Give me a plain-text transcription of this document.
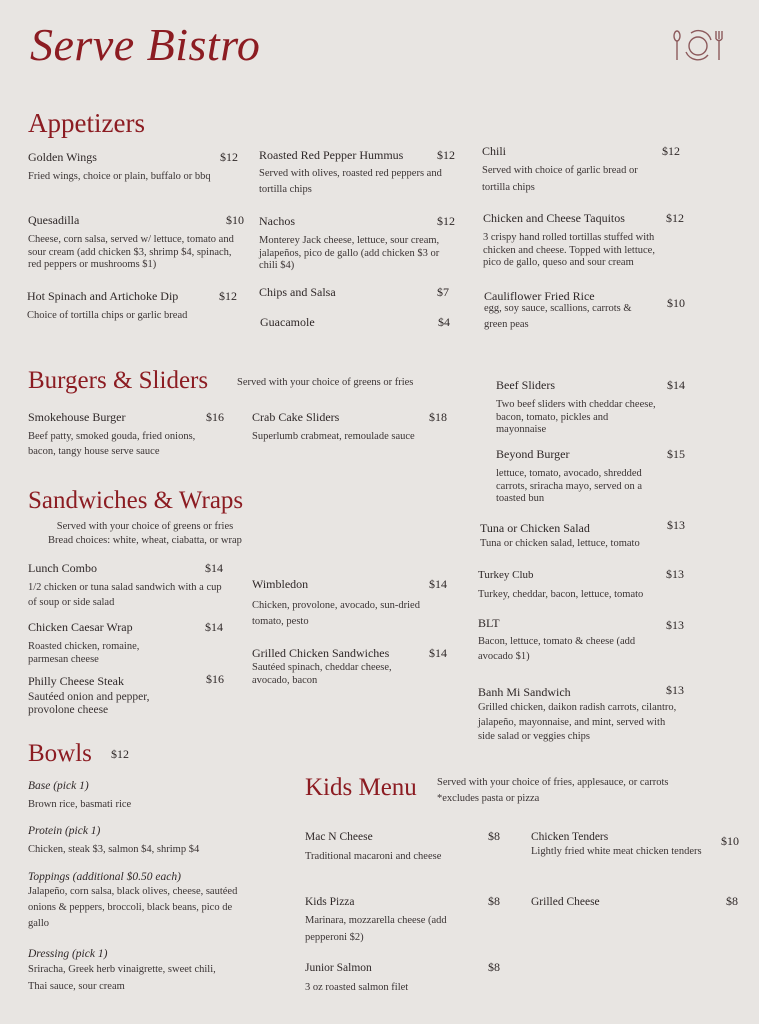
Serve Bistro
Appetizers
Golden Wings	$12
Fried wings, choice or plain, buffalo or bbq
Quesadilla	$10
Cheese, corn salsa, served w/ lettuce, tomato and sour cream (add chicken $3, shrimp $4, spinach, red peppers or mushrooms $1)
Hot Spinach and Artichoke Dip	$12
Choice of tortilla chips or garlic bread
Roasted Red Pepper Hummus	$12
Served with olives, roasted red peppers and tortilla chips
Nachos	$12
Monterey Jack cheese, lettuce, sour cream, jalapeños, pico de gallo (add chicken $3 or chili $4)
Chips and Salsa	$7
Guacamole	$4
Chili	$12
Served with choice of garlic bread or tortilla chips
Chicken and Cheese Taquitos	$12
3 crispy hand rolled tortillas stuffed with chicken and cheese. Topped with lettuce, pico de gallo, queso and sour cream
Cauliflower Fried Rice	$10
egg, soy sauce, scallions, carrots & green peas
Burgers & Sliders	Served with your choice of greens or fries
Smokehouse Burger	$16
Beef patty, smoked gouda, fried onions, bacon, tangy house serve sauce
Crab Cake Sliders	$18
Superlumb crabmeat, remoulade sauce
Beef Sliders	$14
Two beef sliders with cheddar cheese, bacon, tomato, pickles and mayonnaise
Beyond Burger	$15
lettuce, tomato, avocado, shredded carrots, sriracha mayo, served on a toasted bun
Sandwiches & Wraps
Served with your choice of greens or fries
Bread choices: white, wheat, ciabatta, or wrap
Lunch Combo	$14
1/2 chicken or tuna salad sandwich with a cup of soup or side salad
Chicken Caesar Wrap	$14
Roasted chicken, romaine, parmesan cheese
Philly Cheese Steak	$16
Sautéed onion and pepper, provolone cheese
Wimbledon	$14
Chicken, provolone, avocado, sun-dried tomato, pesto
Grilled Chicken Sandwiches	$14
Sautéed spinach, cheddar cheese, avocado, bacon
Tuna or Chicken Salad	$13
Tuna or chicken salad, lettuce, tomato
Turkey Club	$13
Turkey, cheddar, bacon, lettuce, tomato
BLT	$13
Bacon, lettuce, tomato & cheese (add avocado $1)
Banh Mi Sandwich	$13
Grilled chicken, daikon radish carrots, cilantro, jalapeño, mayonnaise, and mint, served with side salad or veggies chips
Bowls $12
Base (pick 1)
Brown rice, basmati rice
Protein (pick 1)
Chicken, steak $3, salmon $4, shrimp $4
Toppings (additional $0.50 each)
Jalapeño, corn salsa, black olives, cheese, sautéed onions & peppers, broccoli, black beans, pico de gallo
Dressing (pick 1)
Sriracha, Greek herb vinaigrette, sweet chili, Thai sauce, sour cream
Kids Menu Served with your choice of fries, applesauce, or carrots *excludes pasta or pizza
Mac N Cheese	$8
Traditional macaroni and cheese
Kids Pizza	$8
Marinara, mozzarella cheese (add pepperoni $2)
Junior Salmon	$8
3 oz roasted salmon filet
Chicken Tenders	$10
Lightly fried white meat chicken tenders
Grilled Cheese	$8
